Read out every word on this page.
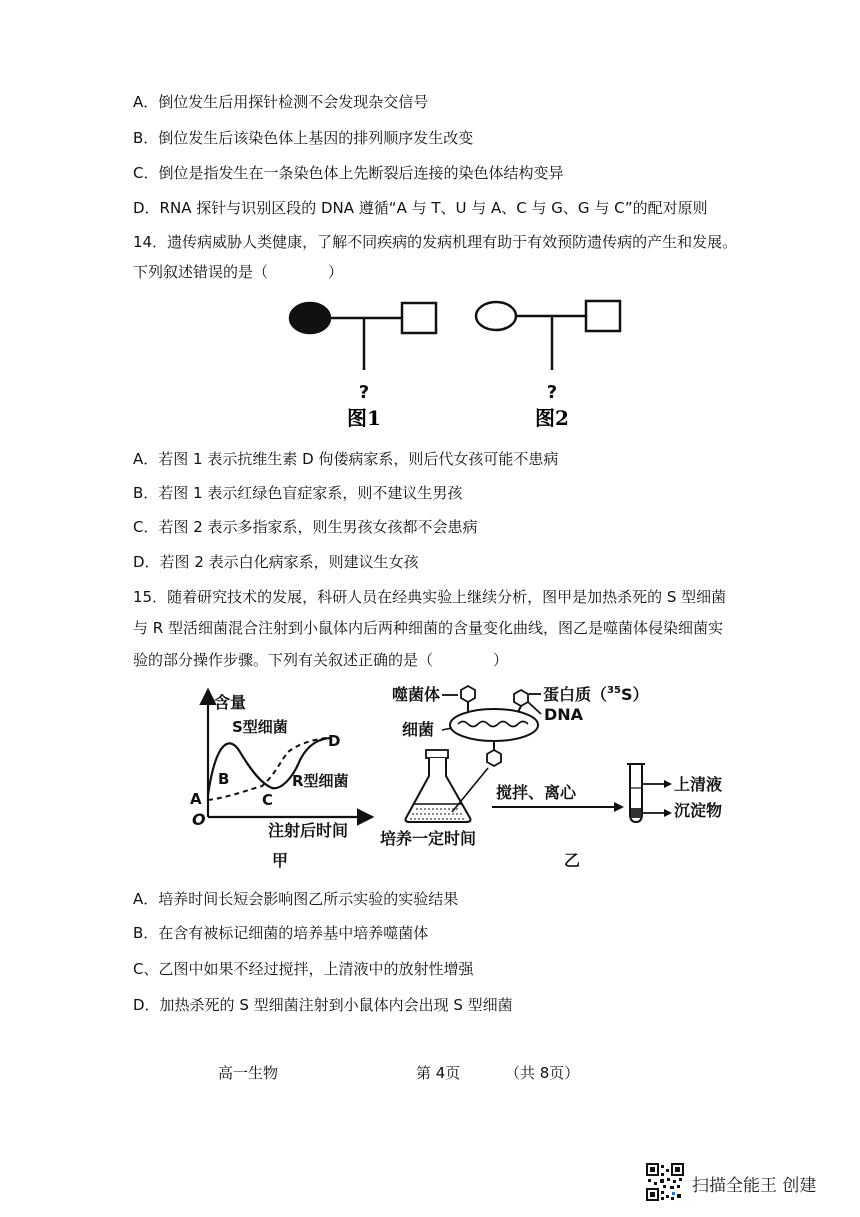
A．倒位发生后用探针检测不会发现杂交信号
B．倒位发生后该染色体上基因的排列顺序发生改变
C．倒位是指发生在一条染色体上先断裂后连接的染色体结构变异
D．RNA 探针与识别区段的 DNA 遵循“A 与 T、U 与 A、C 与 G、G 与 C”的配对原则
14．遗传病威胁人类健康，了解不同疾病的发病机理有助于有效预防遗传病的产生和发展。
下列叙述错误的是（　　　　）
?
图1
?
图2
A．若图 1 表示抗维生素 D 佝偻病家系，则后代女孩可能不患病
B．若图 1 表示红绿色盲症家系，则不建议生男孩
C．若图 2 表示多指家系，则生男孩女孩都不会患病
D．若图 2 表示白化病家系，则建议生女孩
15．随着研究技术的发展，科研人员在经典实验上继续分析，图甲是加热杀死的 S 型细菌
与 R 型活细菌混合注射到小鼠体内后两种细菌的含量变化曲线，图乙是噬菌体侵染细菌实
验的部分操作步骤。下列有关叙述正确的是（　　　　）
含量
S型细菌
D
R型细菌
B
C
A
O
注射后时间
甲
噬菌体	蛋白质（$^{35}$S）
DNA
细菌
培养一定时间
搅拌、离心	上清液
沉淀物
乙
A．培养时间长短会影响图乙所示实验的实验结果
B．在含有被标记细菌的培养基中培养噬菌体
C、乙图中如果不经过搅拌，上清液中的放射性增强
D．加热杀死的 S 型细菌注射到小鼠体内会出现 S 型细菌
高一生物	第 4页	（共 8页）
扫描全能王 创建
